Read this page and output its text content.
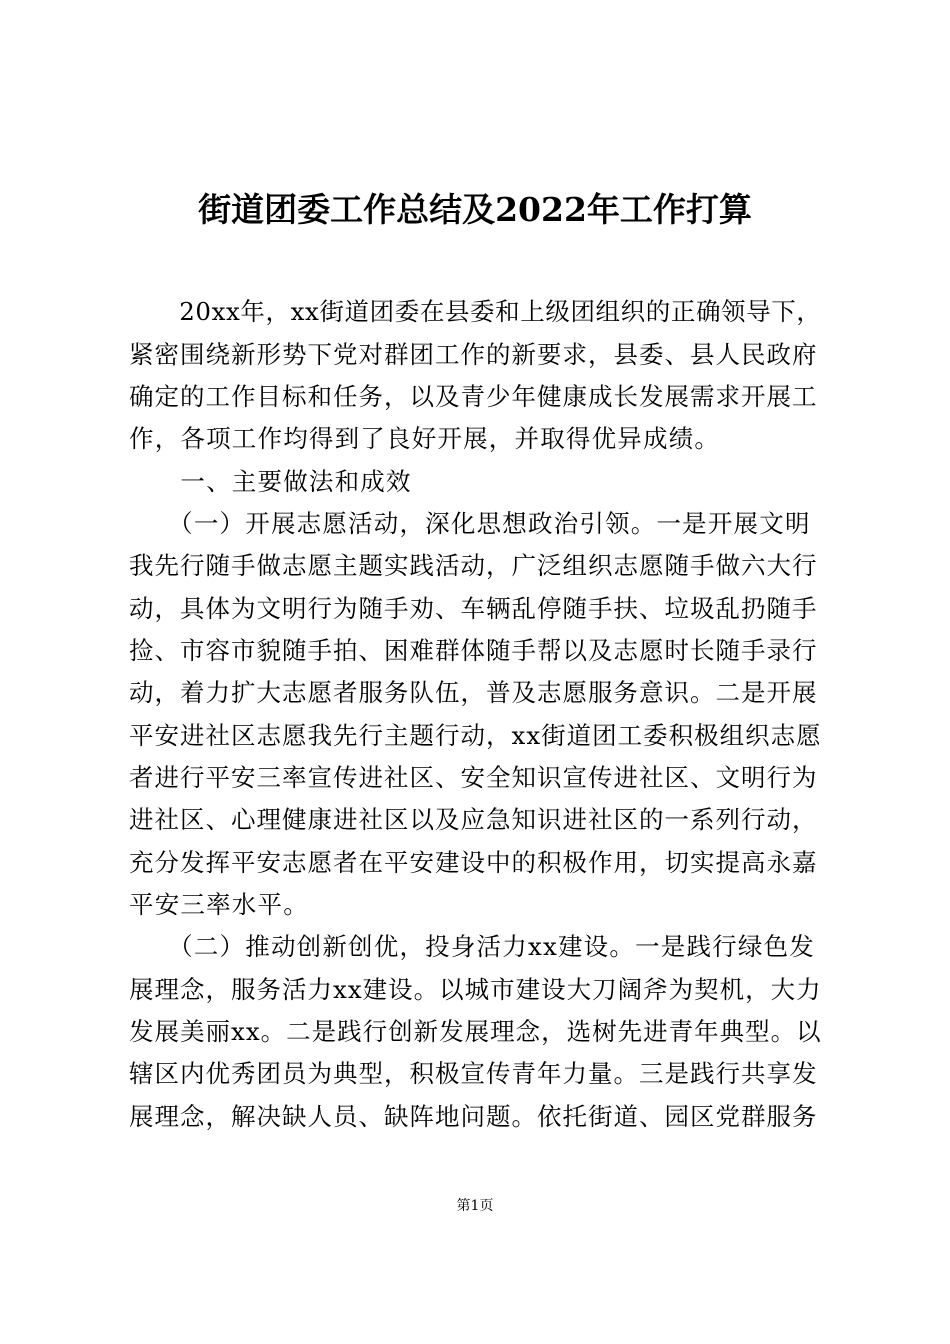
街道团委工作总结及2022年工作打算
　　20xx年，xx街道团委在县委和上级团组织的正确领导下，
紧密围绕新形势下党对群团工作的新要求，县委、县人民政府
确定的工作目标和任务，以及青少年健康成长发展需求开展工
作，各项工作均得到了良好开展，并取得优异成绩。
　　一、主要做法和成效
　　（一）开展志愿活动，深化思想政治引领。一是开展文明
我先行随手做志愿主题实践活动，广泛组织志愿随手做六大行
动，具体为文明行为随手劝、车辆乱停随手扶、垃圾乱扔随手
捡、市容市貌随手拍、困难群体随手帮以及志愿时长随手录行
动，着力扩大志愿者服务队伍，普及志愿服务意识。二是开展
平安进社区志愿我先行主题行动，xx街道团工委积极组织志愿
者进行平安三率宣传进社区、安全知识宣传进社区、文明行为
进社区、心理健康进社区以及应急知识进社区的一系列行动，
充分发挥平安志愿者在平安建设中的积极作用，切实提高永嘉
平安三率水平。
　　（二）推动创新创优，投身活力xx建设。一是践行绿色发
展理念，服务活力xx建设。以城市建设大刀阔斧为契机，大力
发展美丽xx。二是践行创新发展理念，选树先进青年典型。以
辖区内优秀团员为典型，积极宣传青年力量。三是践行共享发
展理念，解决缺人员、缺阵地问题。依托街道、园区党群服务
第1页
